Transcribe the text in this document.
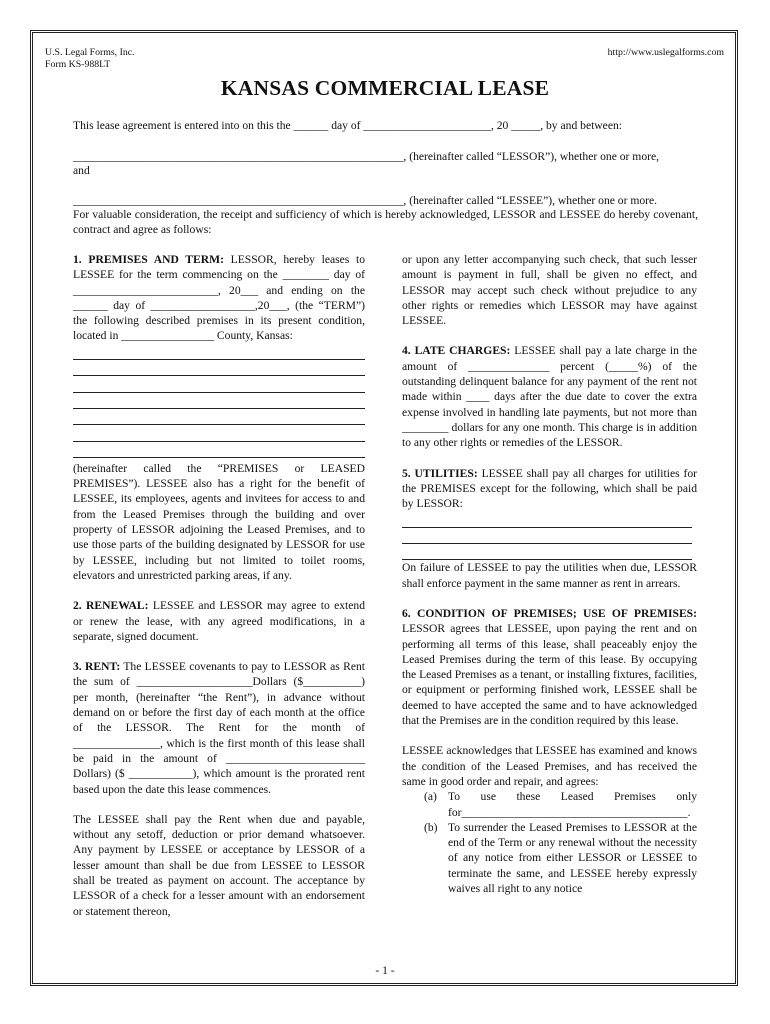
U.S. Legal Forms, Inc.
Form KS-988LT
http://www.uslegalforms.com
KANSAS COMMERCIAL LEASE
This lease agreement is entered into on this the ______ day of ______________________, 20 _____, by and between:
_________________________________________________________, (hereinafter called “LESSOR”), whether one or more,
and
_________________________________________________________, (hereinafter called “LESSEE”), whether one or more.
For valuable consideration, the receipt and sufficiency of which is hereby acknowledged, LESSOR and LESSEE do hereby covenant, contract and agree as follows:

1. PREMISES AND TERM: LESSOR, hereby leases to LESSEE for the term commencing on the ________ day of _________________________, 20___ and ending on the ______ day of __________________,20___, (the “TERM”) the following described premises in its present condition, located in ________________ County, Kansas:

(hereinafter called the “PREMISES or LEASED PREMISES”). LESSEE also has a right for the benefit of LESSEE, its employees, agents and invitees for access to and from the Leased Premises through the building and over property of LESSOR adjoining the Leased Premises, and to use those parts of the building designated by LESSOR for use by LESSEE, including but not limited to toilet rooms, elevators and unrestricted parking areas, if any.

2. RENEWAL: LESSEE and LESSOR may agree to extend or renew the lease, with any agreed modifications, in a separate, signed document.

3. RENT: The LESSEE covenants to pay to LESSOR as Rent the sum of ____________________Dollars ($__________) per month, (hereinafter “the Rent”), in advance without demand on or before the first day of each month at the office of the LESSOR. The Rent for the month of _______________, which is the first month of this lease shall be paid in the amount of ________________________ Dollars) ($ ___________), which amount is the prorated rent based upon the date this lease commences.

The LESSEE shall pay the Rent when due and payable, without any setoff, deduction or prior demand whatsoever. Any payment by LESSEE or acceptance by LESSOR of a lesser amount than shall be due from LESSEE to LESSOR shall be treated as payment on account. The acceptance by LESSOR of a check for a lesser amount with an endorsement or statement thereon,

or upon any letter accompanying such check, that such lesser amount is payment in full, shall be given no effect, and LESSOR may accept such check without prejudice to any other rights or remedies which LESSOR may have against LESSEE.

4. LATE CHARGES: LESSEE shall pay a late charge in the amount of ______________ percent (_____%) of the outstanding delinquent balance for any payment of the rent not made within ____ days after the due date to cover the extra expense involved in handling late payments, but not more than ________ dollars for any one month. This charge is in addition to any other rights or remedies of the LESSOR.

5. UTILITIES: LESSEE shall pay all charges for utilities for the PREMISES except for the following, which shall be paid by LESSOR:

On failure of LESSEE to pay the utilities when due, LESSOR shall enforce payment in the same manner as rent in arrears.

6. CONDITION OF PREMISES; USE OF PREMISES: LESSOR agrees that LESSEE, upon paying the rent and on performing all terms of this lease, shall peaceably enjoy the Leased Premises during the term of this lease. By occupying the Leased Premises as a tenant, or installing fixtures, facilities, or equipment or performing finished work, LESSEE shall be deemed to have accepted the same and to have acknowledged that the Premises are in the condition required by this lease.

LESSEE acknowledges that LESSEE has examined and knows the condition of the Leased Premises, and has received the same in good order and repair, and agrees:

(a) To use these Leased Premises only for_______________________________________.
(b) To surrender the Leased Premises to LESSOR at the end of the Term or any renewal without the necessity of any notice from either LESSOR or LESSEE to terminate the same, and LESSEE hereby expressly waives all right to any notice
- 1 -
